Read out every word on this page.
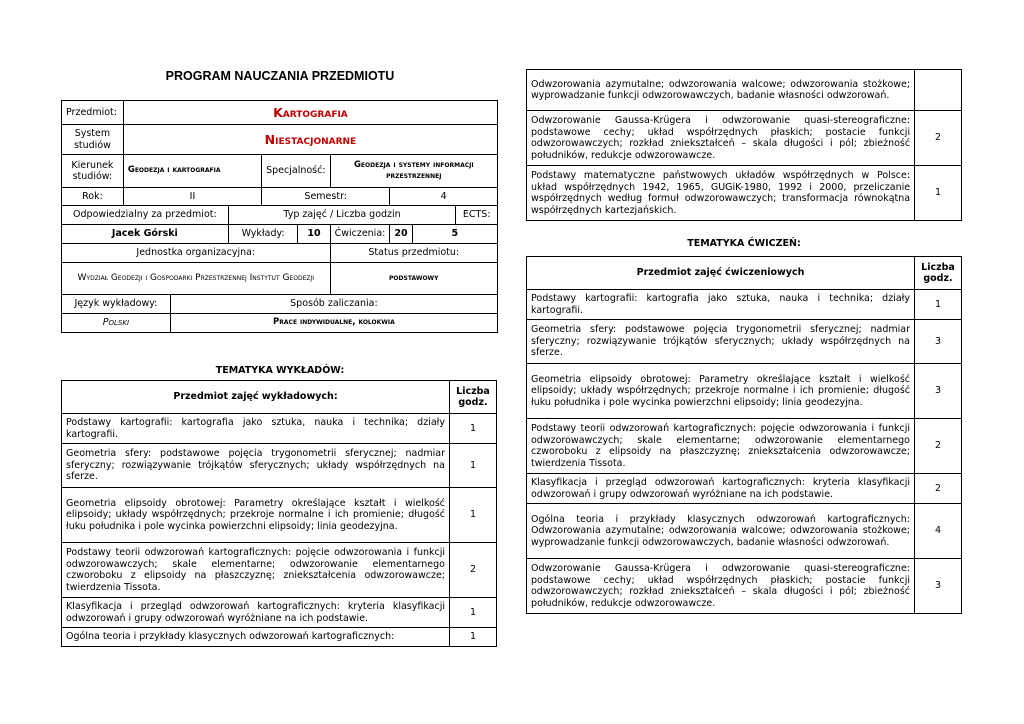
PROGRAM NAUCZANIA PRZEDMIOTU
Przedmiot:	Kartografia								
System studiów	Niestacjonarne								
Kierunek studiów:	Geodezja i kartografia			Specjalność:		Geodezja i systemy informacji przestrzennej			
Rok:	II			Semestr:			4		
Odpowiedzialny za przedmiot:			Typ zajęć / Liczba godzin						ECTS:
Jacek Górski			Wykłady:		10	Ćwiczenia:	20	5	
Jednostka organizacyjna:						Status przedmiotu:			
Wydział Geodezji i Gospodarki Przestrzennej Instytut Geodezji						podstawowy			
Język wykładowy:		Sposób zaliczania:							
Polski		Prace indywidualne, kolokwia							
TEMATYKA WYKŁADÓW:
Przedmiot zajęć wykładowych:	Liczba godz.
Podstawy kartografii: kartografia jako sztuka, nauka i technika; działy kartografii.	1
Geometria sfery: podstawowe pojęcia trygonometrii sferycznej; nadmiar sferyczny; rozwiązywanie trójkątów sferycznych; układy współrzędnych na sferze.	1
Geometria elipsoidy obrotowej: Parametry określające kształt i wielkość elipsoidy; układy współrzędnych; przekroje normalne i ich promienie; długość łuku południka i pole wycinka powierzchni elipsoidy; linia geodezyjna.	1
Podstawy teorii odwzorowań kartograficznych: pojęcie odwzorowania i funkcji odwzorowawczych; skale elementarne; odwzorowanie elementarnego czworoboku z elipsoidy na płaszczyznę; zniekształcenia odwzorowawcze; twierdzenia Tissota.	2
Klasyfikacja i przegląd odwzorowań kartograficznych: kryteria klasyfikacji odwzorowań i grupy odwzorowań wyróżniane na ich podstawie.	1
Ogólna teoria i przykłady klasycznych odwzorowań kartograficznych:	1
Odwzorowania azymutalne; odwzorowania walcowe; odwzorowania stożkowe; wyprowadzanie funkcji odwzorowawczych, badanie własności odwzorowań.	
Odwzorowanie Gaussa-Krügera i odwzorowanie quasi-stereograficzne: podstawowe cechy; układ współrzędnych płaskich; postacie funkcji odwzorowawczych; rozkład zniekształceń – skala długości i pól; zbieżność południków, redukcje odwzorowawcze.	2
Podstawy matematyczne państwowych układów współrzędnych w Polsce: układ współrzędnych 1942, 1965, GUGiK-1980, 1992 i 2000, przeliczanie współrzędnych według formuł odwzorowawczych; transformacja równokątna współrzędnych kartezjańskich.	1
TEMATYKA ĆWICZEŃ:
Przedmiot zajęć ćwiczeniowych	Liczba godz.
Podstawy kartografii: kartografia jako sztuka, nauka i technika; działy kartografii.	1
Geometria sfery: podstawowe pojęcia trygonometrii sferycznej; nadmiar sferyczny; rozwiązywanie trójkątów sferycznych; układy współrzędnych na sferze.	3
Geometria elipsoidy obrotowej: Parametry określające kształt i wielkość elipsoidy; układy współrzędnych; przekroje normalne i ich promienie; długość łuku południka i pole wycinka powierzchni elipsoidy; linia geodezyjna.	3
Podstawy teorii odwzorowań kartograficznych: pojęcie odwzorowania i funkcji odwzorowawczych; skale elementarne; odwzorowanie elementarnego czworoboku z elipsoidy na płaszczyznę; zniekształcenia odwzorowawcze; twierdzenia Tissota.	2
Klasyfikacja i przegląd odwzorowań kartograficznych: kryteria klasyfikacji odwzorowań i grupy odwzorowań wyróżniane na ich podstawie.	2
Ogólna teoria i przykłady klasycznych odwzorowań kartograficznych: Odwzorowania azymutalne; odwzorowania walcowe; odwzorowania stożkowe; wyprowadzanie funkcji odwzorowawczych, badanie własności odwzorowań.	4
Odwzorowanie Gaussa-Krügera i odwzorowanie quasi-stereograficzne: podstawowe cechy; układ współrzędnych płaskich; postacie funkcji odwzorowawczych; rozkład zniekształceń – skala długości i pól; zbieżność południków, redukcje odwzorowawcze.	3
